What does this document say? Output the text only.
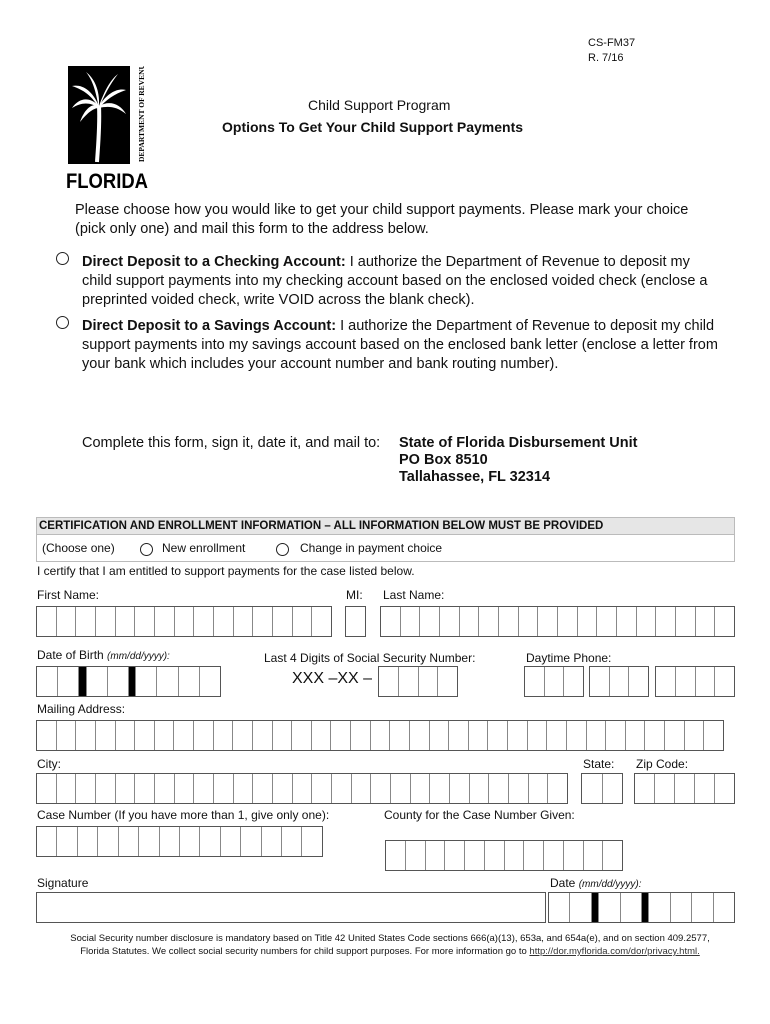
CS-FM37
R. 7/16
DEPARTMENT OF REVENUE
FLORIDA
Child Support Program
Options To Get Your Child Support Payments
Please choose how you would like to get your child support payments. Please mark your choice (pick only one) and mail this form to the address below.
Direct Deposit to a Checking Account: I authorize the Department of Revenue to deposit my child support payments into my checking account based on the enclosed voided check (enclose a preprinted voided check, write VOID across the blank check).
Direct Deposit to a Savings Account: I authorize the Department of Revenue to deposit my child support payments into my savings account based on the enclosed bank letter (enclose a letter from your bank which includes your account number and bank routing number).
Complete this form, sign it, date it, and mail to: State of Florida Disbursement Unit
PO Box 8510
Tallahassee, FL 32314
CERTIFICATION AND ENROLLMENT INFORMATION – ALL INFORMATION BELOW MUST BE PROVIDED
(Choose one)	New enrollment	Change in payment choice
I certify that I am entitled to support payments for the case listed below.
First Name:	MI: Last Name:
Date of Birth (mm/dd/yyyy):	Last 4 Digits of Social Security Number:	Daytime Phone:
XXX –XX –
Mailing Address:
City:	State: Zip Code:
Case Number (If you have more than 1, give only one):	County for the Case Number Given:
Signature	Date (mm/dd/yyyy):
Social Security number disclosure is mandatory based on Title 42 United States Code sections 666(a)(13), 653a, and 654a(e), and on section 409.2577,
Florida Statutes. We collect social security numbers for child support purposes. For more information go to http://dor.myflorida.com/dor/privacy.html.
